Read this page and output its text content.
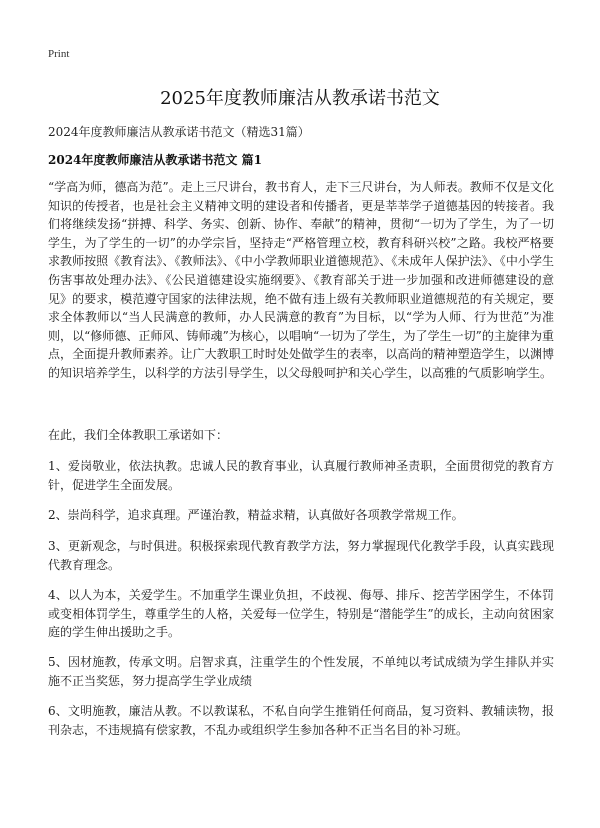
Print
2025年度教师廉洁从教承诺书范文
2024年度教师廉洁从教承诺书范文（精选31篇）
2024年度教师廉洁从教承诺书范文 篇1

“学高为师，德高为范”。走上三尺讲台，教书育人，走下三尺讲台，为人师表。教师不仅是文化知识的传授者，也是社会主义精神文明的建设者和传播者，更是莘莘学子道德基因的转接者。我们将继续发扬“拼搏、科学、务实、创新、协作、奉献”的精神，贯彻“一切为了学生，为了一切学生，为了学生的一切”的办学宗旨，坚持走“严格管理立校，教育科研兴校”之路。我校严格要求教师按照《教育法》、《教师法》、《中小学教师职业道德规范》、《未成年人保护法》、《中小学生伤害事故处理办法》、《公民道德建设实施纲要》、《教育部关于进一步加强和改进师德建设的意见》的要求，模范遵守国家的法律法规，绝不做有违上级有关教师职业道德规范的有关规定，要求全体教师以“当人民满意的教师，办人民满意的教育”为目标，以“学为人师、行为世范”为准则，以“修师德、正师风、铸师魂”为核心，以唱响“一切为了学生，为了学生一切”的主旋律为重点，全面提升教师素养。让广大教职工时时处处做学生的表率，以高尚的精神塑造学生，以渊博的知识培养学生，以科学的方法引导学生，以父母般呵护和关心学生，以高雅的气质影响学生。

在此，我们全体教职工承诺如下：

1、爱岗敬业，依法执教。忠诚人民的教育事业，认真履行教师神圣责职，全面贯彻党的教育方针，促进学生全面发展。

2、崇尚科学，追求真理。严谨治教，精益求精，认真做好各项教学常规工作。

3、更新观念，与时俱进。积极探索现代教育教学方法，努力掌握现代化教学手段，认真实践现代教育理念。

4、以人为本，关爱学生。不加重学生课业负担，不歧视、侮辱、排斥、挖苦学困学生，不体罚或变相体罚学生，尊重学生的人格，关爱每一位学生，特别是“潜能学生”的成长，主动向贫困家庭的学生伸出援助之手。

5、因材施教，传承文明。启智求真，注重学生的个性发展，不单纯以考试成绩为学生排队并实施不正当奖惩，努力提高学生学业成绩

6、文明施教，廉洁从教。不以教谋私，不私自向学生推销任何商品，复习资料、教辅读物，报刊杂志，不违规搞有偿家教，不乱办或组织学生参加各种不正当名目的补习班。
